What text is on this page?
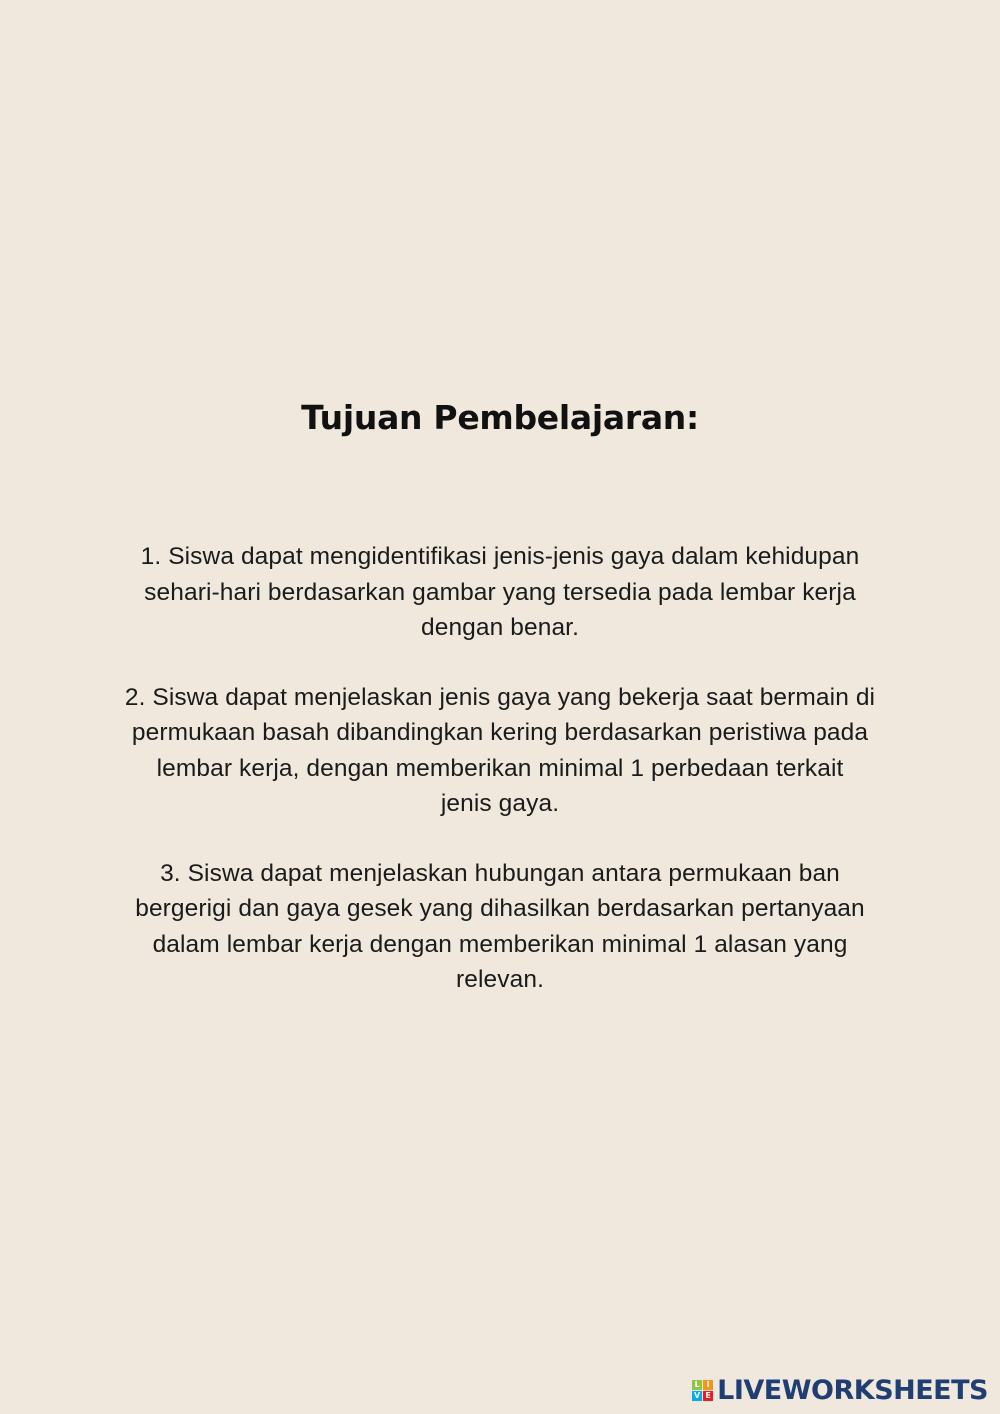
Tujuan Pembelajaran:
1. Siswa dapat mengidentifikasi jenis-jenis gaya dalam kehidupan
sehari-hari berdasarkan gambar yang tersedia pada lembar kerja
dengan benar.
2. Siswa dapat menjelaskan jenis gaya yang bekerja saat bermain di
permukaan basah dibandingkan kering berdasarkan peristiwa pada
lembar kerja, dengan memberikan minimal 1 perbedaan terkait
jenis gaya.
3. Siswa dapat menjelaskan hubungan antara permukaan ban
bergerigi dan gaya gesek yang dihasilkan berdasarkan pertanyaan
dalam lembar kerja dengan memberikan minimal 1 alasan yang
relevan.
L I
V E LIVEWORKSHEETS
